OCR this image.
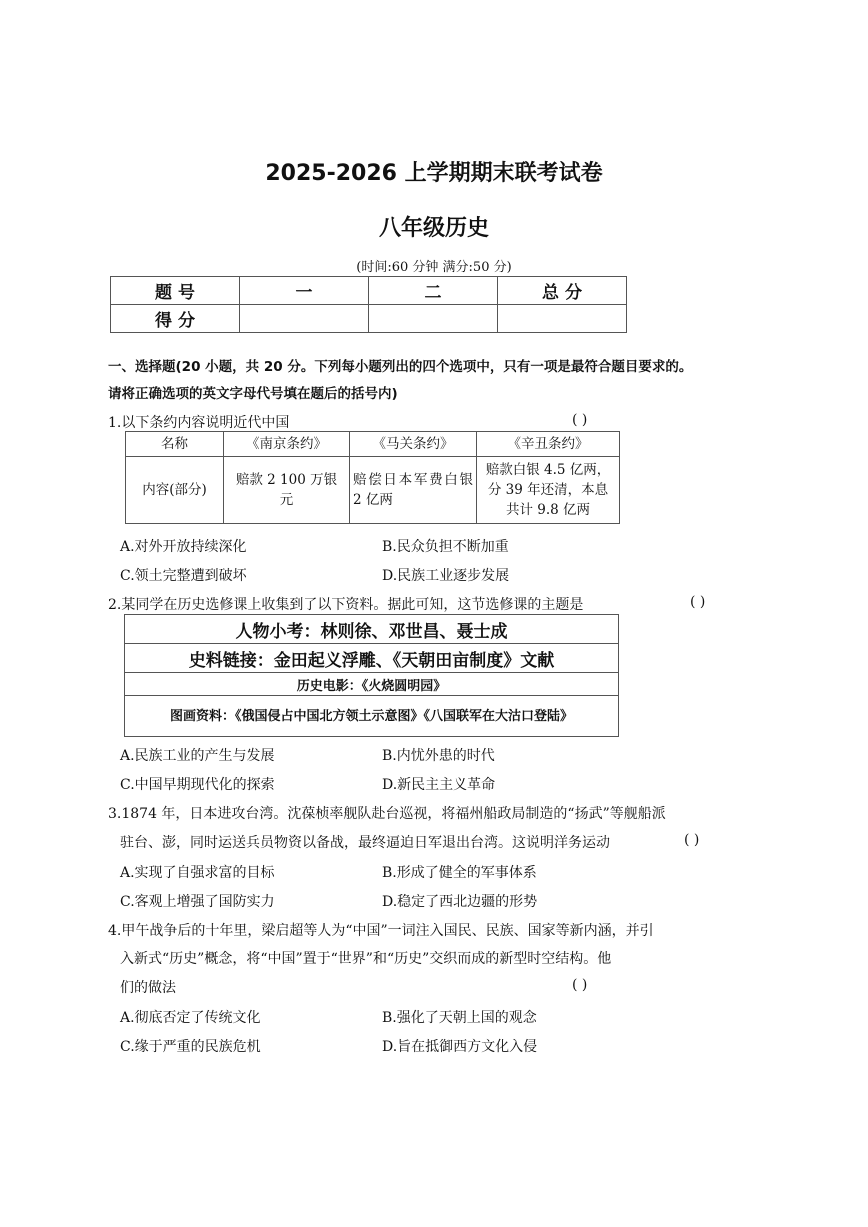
2025-2026 上学期期末联考试卷
八年级历史
(时间:60 分钟 满分:50 分)
题 号	一	二	总 分
得 分			
一、选择题(20 小题，共 20 分。下列每小题列出的四个选项中，只有一项是最符合题目要求的。
请将正确选项的英文字母代号填在题后的括号内)
1.以下条约内容说明近代中国	( )
名称	《南京条约》	《马关条约》	《辛丑条约》
内容(部分)	赔款 2 100 万银元	赔偿日本军费白银 2 亿两	赔款白银 4.5 亿两，分 39 年还清，本息共计 9.8 亿两
A.对外开放持续深化	B.民众负担不断加重
C.领土完整遭到破坏	D.民族工业逐步发展
2.某同学在历史选修课上收集到了以下资料。据此可知，这节选修课的主题是	( )
人物小考：林则徐、邓世昌、聂士成
史料链接：金田起义浮雕、《天朝田亩制度》文献
历史电影：《火烧圆明园》
图画资料：《俄国侵占中国北方领土示意图》《八国联军在大沽口登陆》
A.民族工业的产生与发展	B.内忧外患的时代
C.中国早期现代化的探索	D.新民主主义革命
3.1874 年，日本进攻台湾。沈葆桢率舰队赴台巡视，将福州船政局制造的“扬武”等舰船派
驻台、澎，同时运送兵员物资以备战，最终逼迫日军退出台湾。这说明洋务运动	( )
A.实现了自强求富的目标	B.形成了健全的军事体系
C.客观上增强了国防实力	D.稳定了西北边疆的形势
4.甲午战争后的十年里，梁启超等人为“中国”一词注入国民、民族、国家等新内涵，并引
入新式“历史”概念，将“中国”置于“世界”和“历史”交织而成的新型时空结构。他
们的做法	( )
A.彻底否定了传统文化	B.强化了天朝上国的观念
C.缘于严重的民族危机	D.旨在抵御西方文化入侵
